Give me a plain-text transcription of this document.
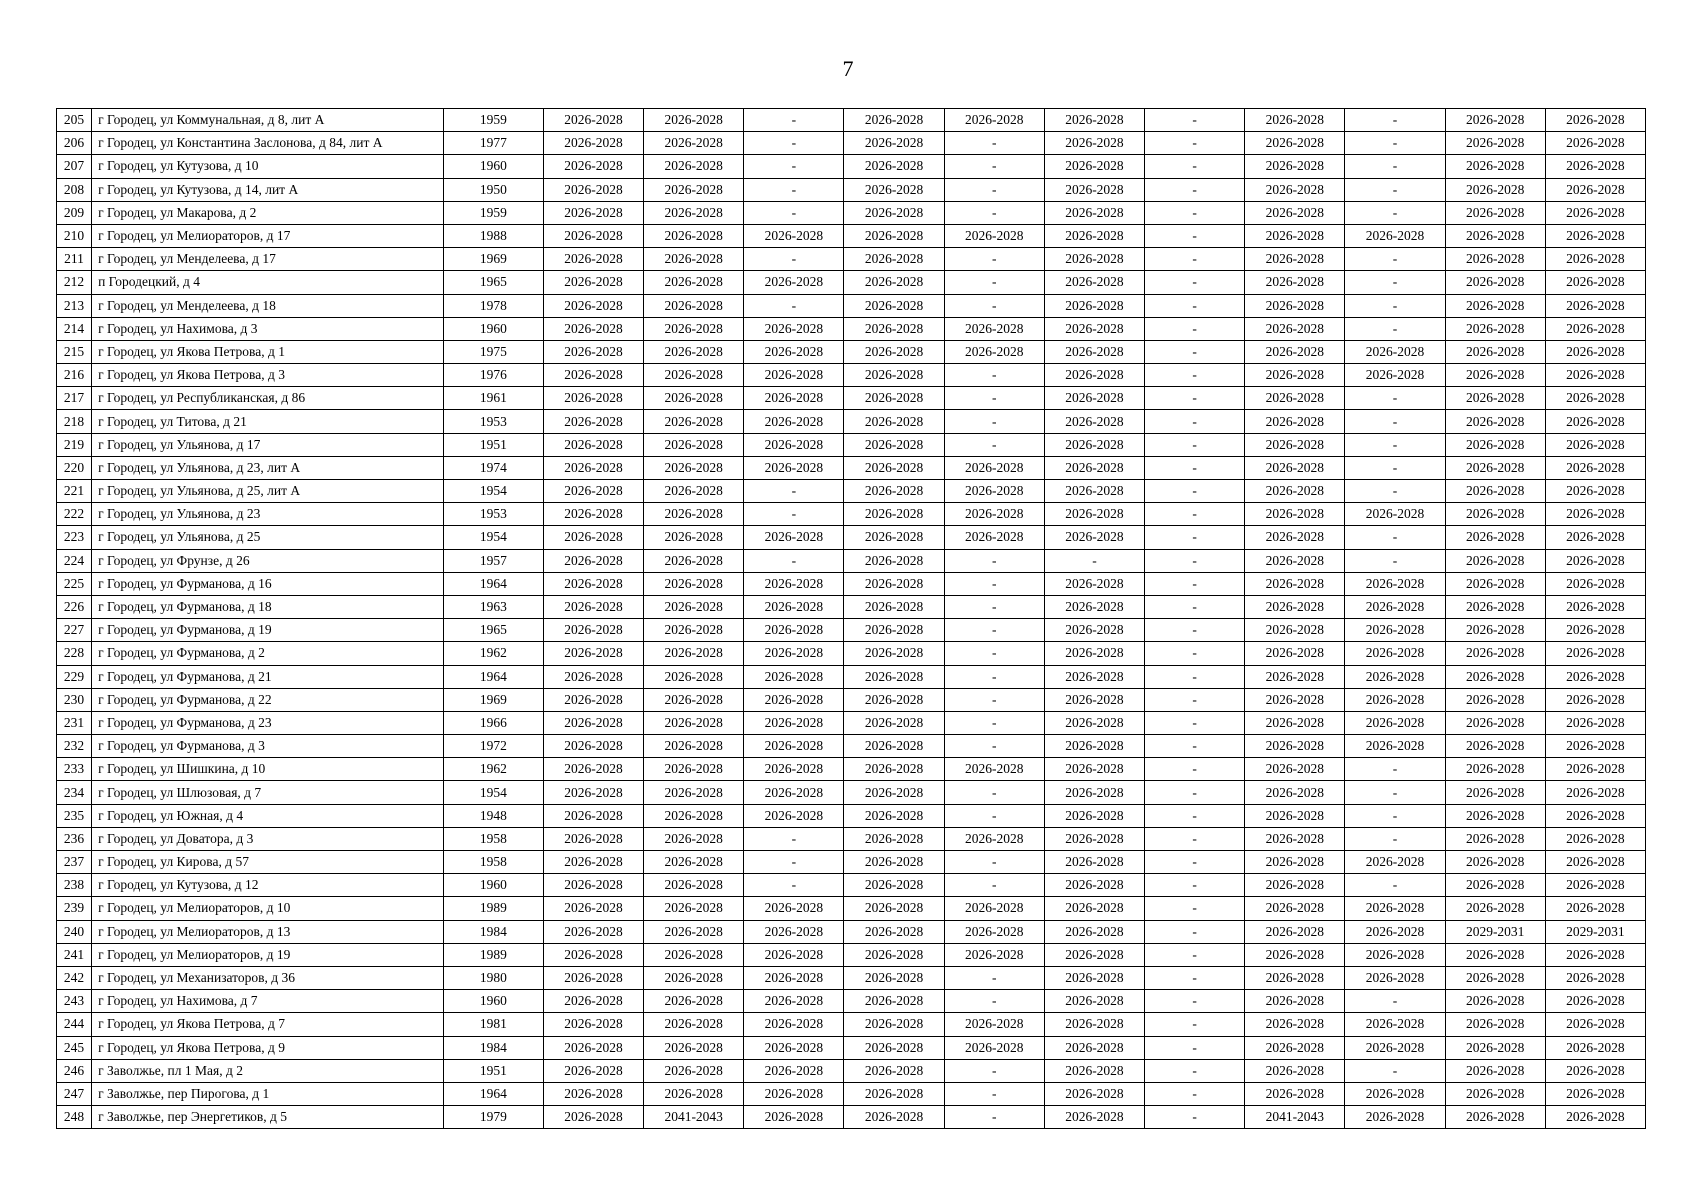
7
205	г Городец, ул Коммунальная, д 8, лит А	1959	2026-2028	2026-2028	-	2026-2028	2026-2028	2026-2028	-	2026-2028	-	2026-2028	2026-2028
206	г Городец, ул Константина Заслонова, д 84, лит А	1977	2026-2028	2026-2028	-	2026-2028	-	2026-2028	-	2026-2028	-	2026-2028	2026-2028
207	г Городец, ул Кутузова, д 10	1960	2026-2028	2026-2028	-	2026-2028	-	2026-2028	-	2026-2028	-	2026-2028	2026-2028
208	г Городец, ул Кутузова, д 14, лит А	1950	2026-2028	2026-2028	-	2026-2028	-	2026-2028	-	2026-2028	-	2026-2028	2026-2028
209	г Городец, ул Макарова, д 2	1959	2026-2028	2026-2028	-	2026-2028	-	2026-2028	-	2026-2028	-	2026-2028	2026-2028
210	г Городец, ул Мелиораторов, д 17	1988	2026-2028	2026-2028	2026-2028	2026-2028	2026-2028	2026-2028	-	2026-2028	2026-2028	2026-2028	2026-2028
211	г Городец, ул Менделеева, д 17	1969	2026-2028	2026-2028	-	2026-2028	-	2026-2028	-	2026-2028	-	2026-2028	2026-2028
212	п Городецкий, д 4	1965	2026-2028	2026-2028	2026-2028	2026-2028	-	2026-2028	-	2026-2028	-	2026-2028	2026-2028
213	г Городец, ул Менделеева, д 18	1978	2026-2028	2026-2028	-	2026-2028	-	2026-2028	-	2026-2028	-	2026-2028	2026-2028
214	г Городец, ул Нахимова, д 3	1960	2026-2028	2026-2028	2026-2028	2026-2028	2026-2028	2026-2028	-	2026-2028	-	2026-2028	2026-2028
215	г Городец, ул Якова Петрова, д 1	1975	2026-2028	2026-2028	2026-2028	2026-2028	2026-2028	2026-2028	-	2026-2028	2026-2028	2026-2028	2026-2028
216	г Городец, ул Якова Петрова, д 3	1976	2026-2028	2026-2028	2026-2028	2026-2028	-	2026-2028	-	2026-2028	2026-2028	2026-2028	2026-2028
217	г Городец, ул Республиканская, д 86	1961	2026-2028	2026-2028	2026-2028	2026-2028	-	2026-2028	-	2026-2028	-	2026-2028	2026-2028
218	г Городец, ул Титова, д 21	1953	2026-2028	2026-2028	2026-2028	2026-2028	-	2026-2028	-	2026-2028	-	2026-2028	2026-2028
219	г Городец, ул Ульянова, д 17	1951	2026-2028	2026-2028	2026-2028	2026-2028	-	2026-2028	-	2026-2028	-	2026-2028	2026-2028
220	г Городец, ул Ульянова, д 23, лит А	1974	2026-2028	2026-2028	2026-2028	2026-2028	2026-2028	2026-2028	-	2026-2028	-	2026-2028	2026-2028
221	г Городец, ул Ульянова, д 25, лит А	1954	2026-2028	2026-2028	-	2026-2028	2026-2028	2026-2028	-	2026-2028	-	2026-2028	2026-2028
222	г Городец, ул Ульянова, д 23	1953	2026-2028	2026-2028	-	2026-2028	2026-2028	2026-2028	-	2026-2028	2026-2028	2026-2028	2026-2028
223	г Городец, ул Ульянова, д 25	1954	2026-2028	2026-2028	2026-2028	2026-2028	2026-2028	2026-2028	-	2026-2028	-	2026-2028	2026-2028
224	г Городец, ул Фрунзе, д 26	1957	2026-2028	2026-2028	-	2026-2028	-	-	-	2026-2028	-	2026-2028	2026-2028
225	г Городец, ул Фурманова, д 16	1964	2026-2028	2026-2028	2026-2028	2026-2028	-	2026-2028	-	2026-2028	2026-2028	2026-2028	2026-2028
226	г Городец, ул Фурманова, д 18	1963	2026-2028	2026-2028	2026-2028	2026-2028	-	2026-2028	-	2026-2028	2026-2028	2026-2028	2026-2028
227	г Городец, ул Фурманова, д 19	1965	2026-2028	2026-2028	2026-2028	2026-2028	-	2026-2028	-	2026-2028	2026-2028	2026-2028	2026-2028
228	г Городец, ул Фурманова, д 2	1962	2026-2028	2026-2028	2026-2028	2026-2028	-	2026-2028	-	2026-2028	2026-2028	2026-2028	2026-2028
229	г Городец, ул Фурманова, д 21	1964	2026-2028	2026-2028	2026-2028	2026-2028	-	2026-2028	-	2026-2028	2026-2028	2026-2028	2026-2028
230	г Городец, ул Фурманова, д 22	1969	2026-2028	2026-2028	2026-2028	2026-2028	-	2026-2028	-	2026-2028	2026-2028	2026-2028	2026-2028
231	г Городец, ул Фурманова, д 23	1966	2026-2028	2026-2028	2026-2028	2026-2028	-	2026-2028	-	2026-2028	2026-2028	2026-2028	2026-2028
232	г Городец, ул Фурманова, д 3	1972	2026-2028	2026-2028	2026-2028	2026-2028	-	2026-2028	-	2026-2028	2026-2028	2026-2028	2026-2028
233	г Городец, ул Шишкина, д 10	1962	2026-2028	2026-2028	2026-2028	2026-2028	2026-2028	2026-2028	-	2026-2028	-	2026-2028	2026-2028
234	г Городец, ул Шлюзовая, д 7	1954	2026-2028	2026-2028	2026-2028	2026-2028	-	2026-2028	-	2026-2028	-	2026-2028	2026-2028
235	г Городец, ул Южная, д 4	1948	2026-2028	2026-2028	2026-2028	2026-2028	-	2026-2028	-	2026-2028	-	2026-2028	2026-2028
236	г Городец, ул Доватора, д 3	1958	2026-2028	2026-2028	-	2026-2028	2026-2028	2026-2028	-	2026-2028	-	2026-2028	2026-2028
237	г Городец, ул Кирова, д 57	1958	2026-2028	2026-2028	-	2026-2028	-	2026-2028	-	2026-2028	2026-2028	2026-2028	2026-2028
238	г Городец, ул Кутузова, д 12	1960	2026-2028	2026-2028	-	2026-2028	-	2026-2028	-	2026-2028	-	2026-2028	2026-2028
239	г Городец, ул Мелиораторов, д 10	1989	2026-2028	2026-2028	2026-2028	2026-2028	2026-2028	2026-2028	-	2026-2028	2026-2028	2026-2028	2026-2028
240	г Городец, ул Мелиораторов, д 13	1984	2026-2028	2026-2028	2026-2028	2026-2028	2026-2028	2026-2028	-	2026-2028	2026-2028	2029-2031	2029-2031
241	г Городец, ул Мелиораторов, д 19	1989	2026-2028	2026-2028	2026-2028	2026-2028	2026-2028	2026-2028	-	2026-2028	2026-2028	2026-2028	2026-2028
242	г Городец, ул Механизаторов, д 36	1980	2026-2028	2026-2028	2026-2028	2026-2028	-	2026-2028	-	2026-2028	2026-2028	2026-2028	2026-2028
243	г Городец, ул Нахимова, д 7	1960	2026-2028	2026-2028	2026-2028	2026-2028	-	2026-2028	-	2026-2028	-	2026-2028	2026-2028
244	г Городец, ул Якова Петрова, д 7	1981	2026-2028	2026-2028	2026-2028	2026-2028	2026-2028	2026-2028	-	2026-2028	2026-2028	2026-2028	2026-2028
245	г Городец, ул Якова Петрова, д 9	1984	2026-2028	2026-2028	2026-2028	2026-2028	2026-2028	2026-2028	-	2026-2028	2026-2028	2026-2028	2026-2028
246	г Заволжье, пл 1 Мая, д 2	1951	2026-2028	2026-2028	2026-2028	2026-2028	-	2026-2028	-	2026-2028	-	2026-2028	2026-2028
247	г Заволжье, пер Пирогова, д 1	1964	2026-2028	2026-2028	2026-2028	2026-2028	-	2026-2028	-	2026-2028	2026-2028	2026-2028	2026-2028
248	г Заволжье, пер Энергетиков, д 5	1979	2026-2028	2041-2043	2026-2028	2026-2028	-	2026-2028	-	2041-2043	2026-2028	2026-2028	2026-2028
